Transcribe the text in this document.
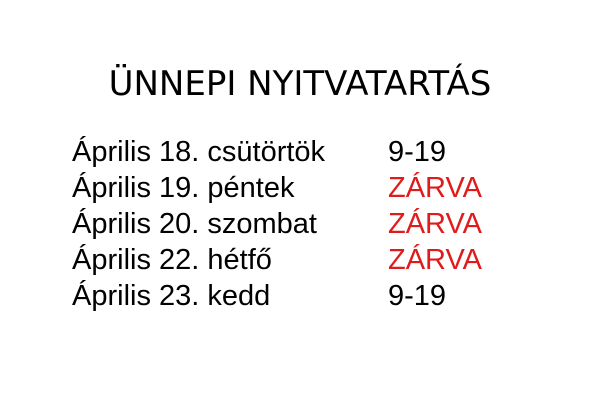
ÜNNEPI NYITVATARTÁS
Április 18. csütörtök 9-19
Április 19. péntek	ZÁRVA
Április 20. szombat ZÁRVA
Április 22. hétfő	ZÁRVA
Április 23. kedd	9-19
